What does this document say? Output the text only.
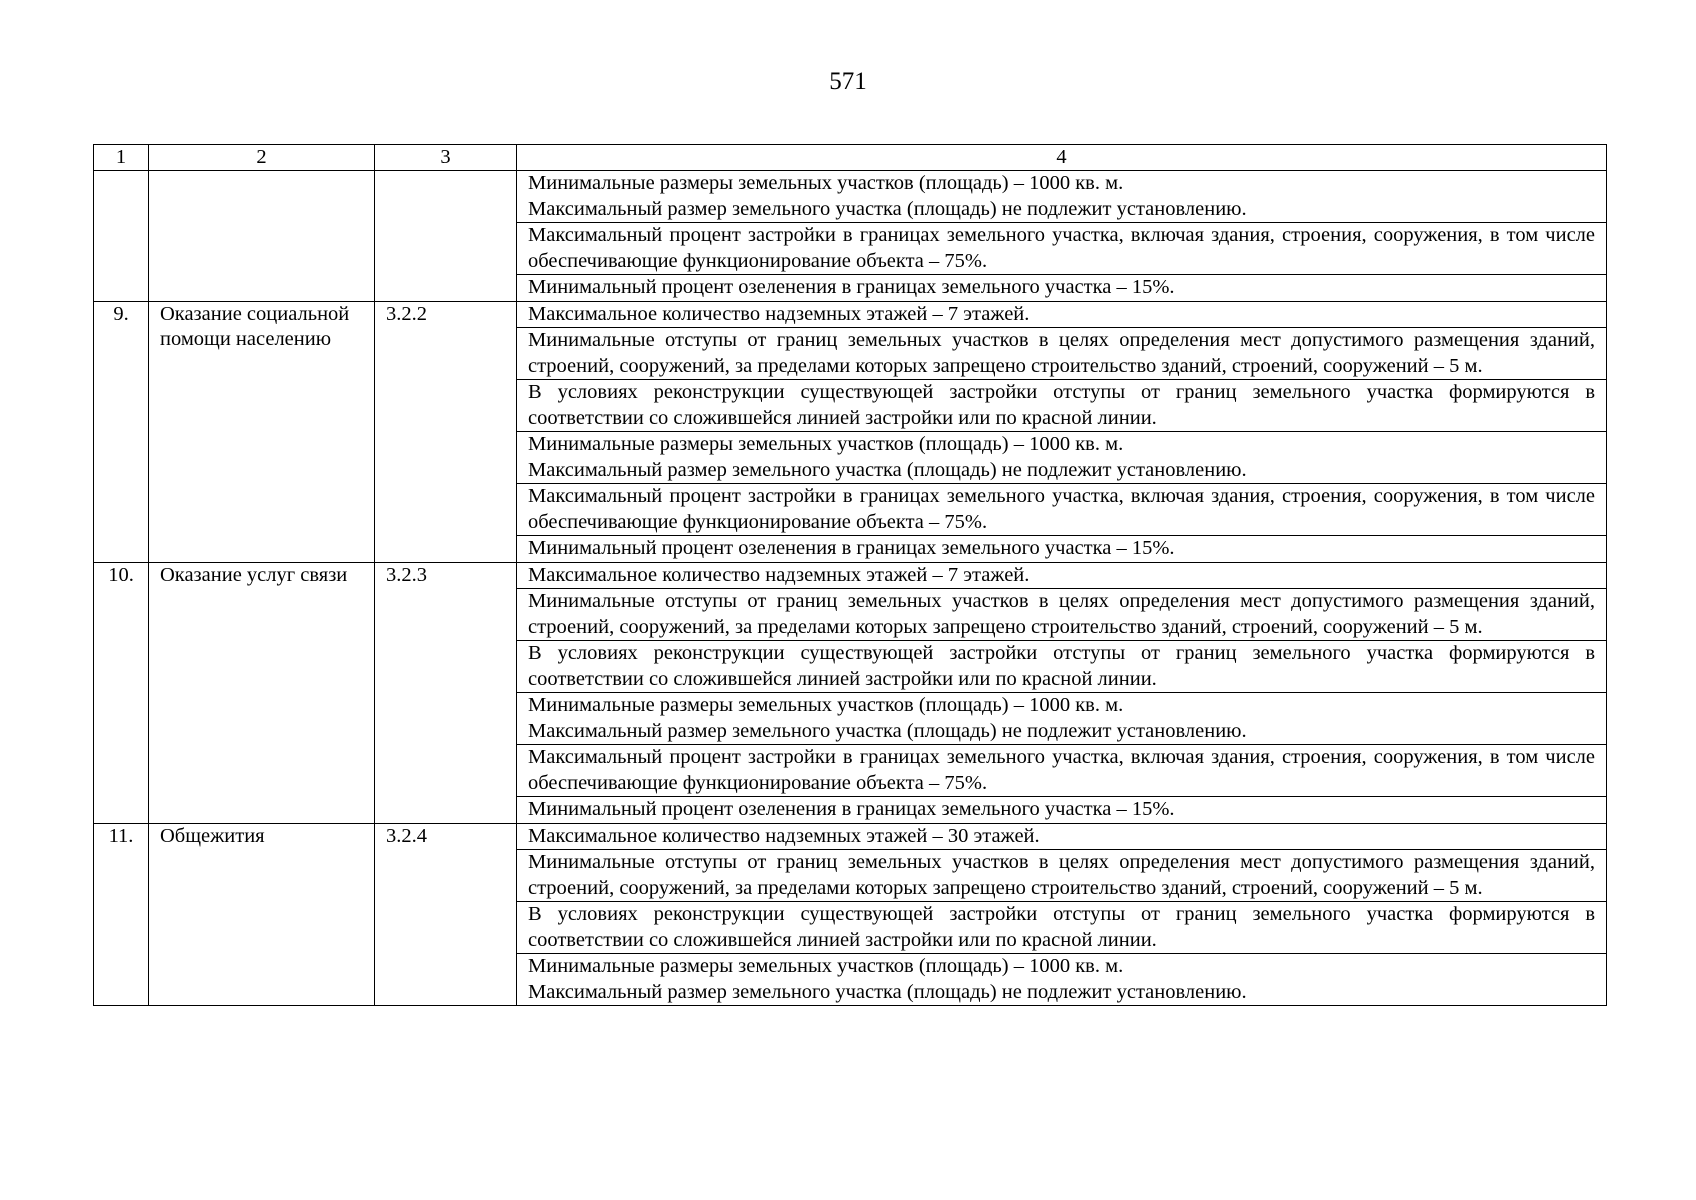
571
1	2	3	4
			Минимальные размеры земельных участков (площадь) – 1000 кв. м.
Максимальный размер земельного участка (площадь) не подлежит установлению.
			Максимальный процент застройки в границах земельного участка, включая здания, строения, сооружения, в том числе обеспечивающие функционирование объекта – 75%.
			Минимальный процент озеленения в границах земельного участка – 15%.
9.	Оказание социальной помощи населению	3.2.2	Максимальное количество надземных этажей – 7 этажей.
			Минимальные отступы от границ земельных участков в целях определения мест допустимого размещения зданий, строений, сооружений, за пределами которых запрещено строительство зданий, строений, сооружений – 5 м.
			В условиях реконструкции существующей застройки отступы от границ земельного участка формируются в соответствии со сложившейся линией застройки или по красной линии.
			Минимальные размеры земельных участков (площадь) – 1000 кв. м.
Максимальный размер земельного участка (площадь) не подлежит установлению.
			Максимальный процент застройки в границах земельного участка, включая здания, строения, сооружения, в том числе обеспечивающие функционирование объекта – 75%.
			Минимальный процент озеленения в границах земельного участка – 15%.
10.	Оказание услуг связи	3.2.3	Максимальное количество надземных этажей – 7 этажей.
			Минимальные отступы от границ земельных участков в целях определения мест допустимого размещения зданий, строений, сооружений, за пределами которых запрещено строительство зданий, строений, сооружений – 5 м.
			В условиях реконструкции существующей застройки отступы от границ земельного участка формируются в соответствии со сложившейся линией застройки или по красной линии.
			Минимальные размеры земельных участков (площадь) – 1000 кв. м.
Максимальный размер земельного участка (площадь) не подлежит установлению.
			Максимальный процент застройки в границах земельного участка, включая здания, строения, сооружения, в том числе обеспечивающие функционирование объекта – 75%.
			Минимальный процент озеленения в границах земельного участка – 15%.
11.	Общежития	3.2.4	Максимальное количество надземных этажей – 30 этажей.
			Минимальные отступы от границ земельных участков в целях определения мест допустимого размещения зданий, строений, сооружений, за пределами которых запрещено строительство зданий, строений, сооружений – 5 м.
			В условиях реконструкции существующей застройки отступы от границ земельного участка формируются в соответствии со сложившейся линией застройки или по красной линии.
			Минимальные размеры земельных участков (площадь) – 1000 кв. м.
Максимальный размер земельного участка (площадь) не подлежит установлению.
